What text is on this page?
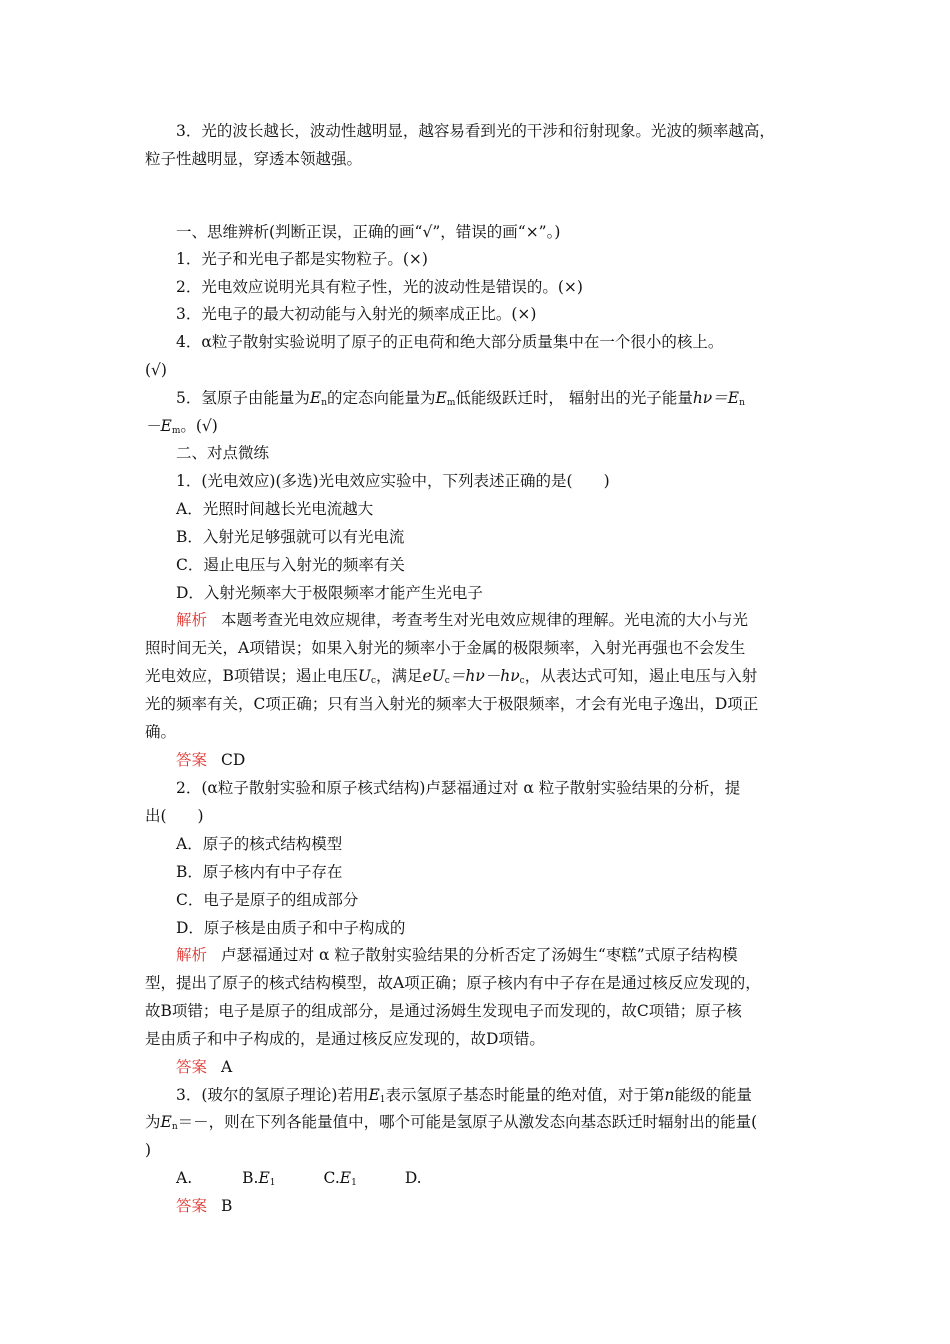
3．光的波长越长，波动性越明显，越容易看到光的干涉和衍射现象。光波的频率越高，
粒子性越明显，穿透本领越强。
一、思维辨析(判断正误，正确的画“√”，错误的画“×”。)
1．光子和光电子都是实物粒子。(×)
2．光电效应说明光具有粒子性，光的波动性是错误的。(×)
3．光电子的最大初动能与入射光的频率成正比。(×)
4．α粒子散射实验说明了原子的正电荷和绝大部分质量集中在一个很小的核上。
(√)
5．氢原子由能量为$E_n$的定态向能量为$E_m$低能级跃迁时， 辐射出的光子能量$h\nu=E_n$
$-E_m$。(√)
二、对点微练
1．(光电效应)(多选)光电效应实验中，下列表述正确的是(　　)
A．光照时间越长光电流越大
B．入射光足够强就可以有光电流
C．遏止电压与入射光的频率有关
D．入射光频率大于极限频率才能产生光电子
解析 本题考查光电效应规律，考查考生对光电效应规律的理解。光电流的大小与光
照时间无关，A项错误；如果入射光的频率小于金属的极限频率，入射光再强也不会发生
光电效应，B项错误；遏止电压$U_c$，满足$eU_c=h\nu-h\nu_c$，从表达式可知，遏止电压与入射
光的频率有关，C项正确；只有当入射光的频率大于极限频率，才会有光电子逸出，D项正
确。
答案 CD
2．(α粒子散射实验和原子核式结构)卢瑟福通过对 α 粒子散射实验结果的分析，提
出(　　)
A．原子的核式结构模型
B．原子核内有中子存在
C．电子是原子的组成部分
D．原子核是由质子和中子构成的
解析 卢瑟福通过对 α 粒子散射实验结果的分析否定了汤姆生“枣糕”式原子结构模
型，提出了原子的核式结构模型，故A项正确；原子核内有中子存在是通过核反应发现的，
故B项错；电子是原子的组成部分，是通过汤姆生发现电子而发现的，故C项错；原子核
是由质子和中子构成的，是通过核反应发现的，故D项错。
答案 A
3．(玻尔的氢原子理论)若用$E_1$表示氢原子基态时能量的绝对值，对于第n能级的能量
为$E_n=-$，则在下列各能量值中，哪个可能是氢原子从激发态向基态跃迁时辐射出的能量(
)
A.	$B.E_1$	$C.E_1$	D.
答案 B
